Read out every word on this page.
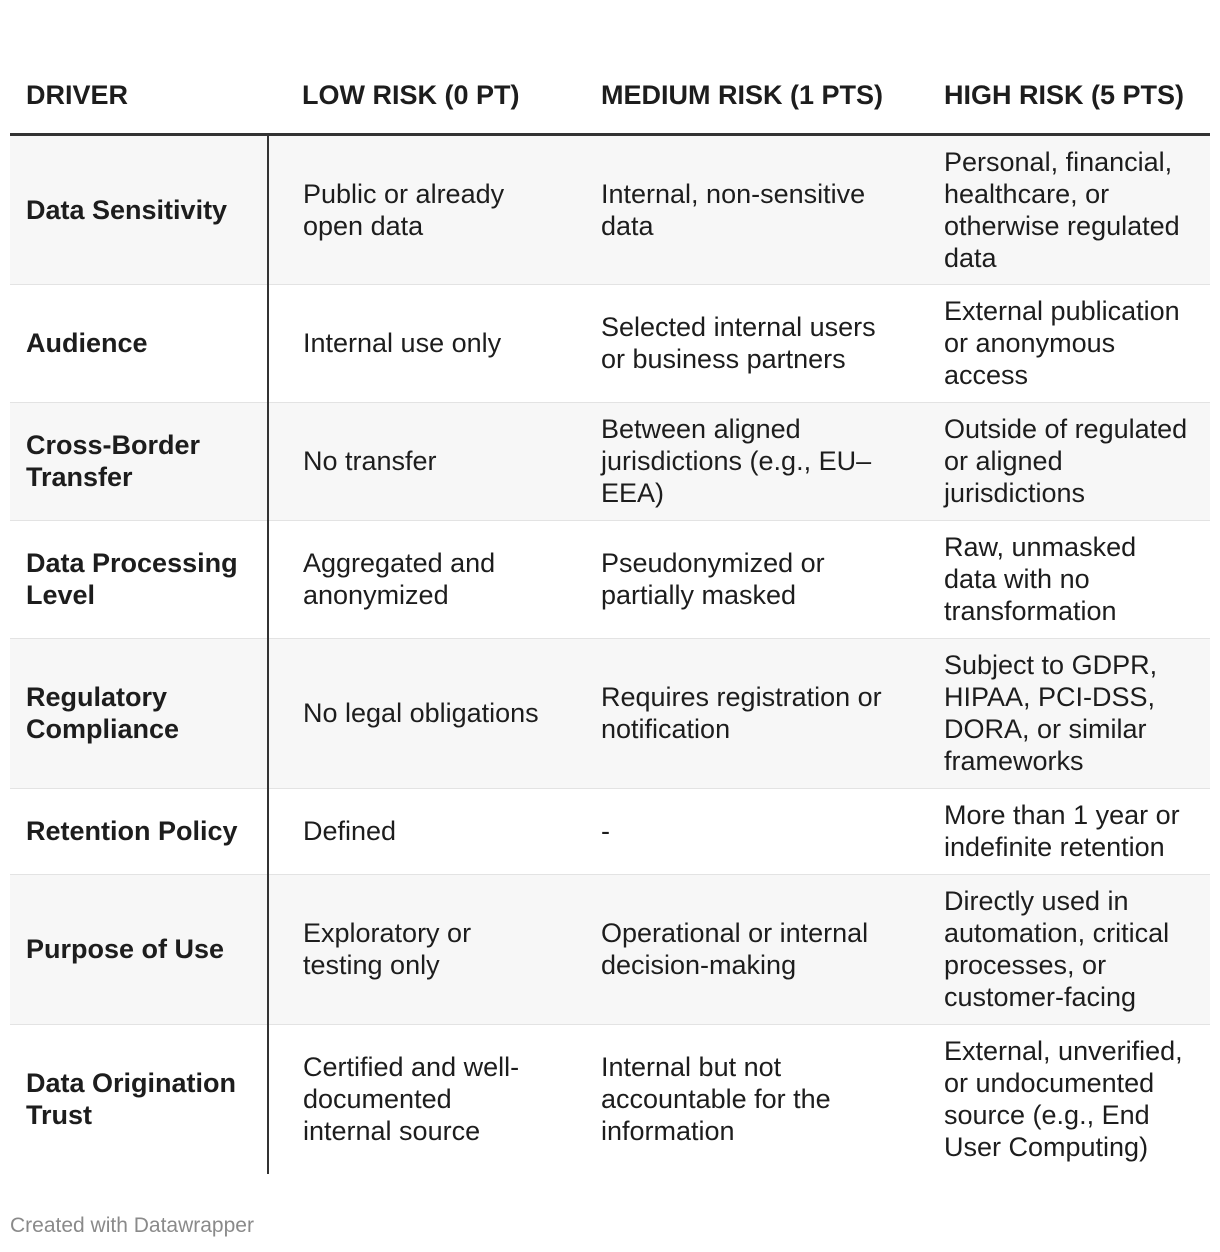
DRIVER	LOW RISK (0 PT)	MEDIUM RISK (1 PTS)	HIGH RISK (5 PTS)
Data Sensitivity	Public or already open data	Internal, non-sensitive data	Personal, financial, healthcare, or otherwise regulated data
Audience	Internal use only	Selected internal users or business partners	External publication or anonymous access
Cross-Border Transfer	No transfer	Between aligned jurisdictions (e.g., EU–EEA)	Outside of regulated or aligned jurisdictions
Data Processing Level	Aggregated and anonymized	Pseudonymized or partially masked	Raw, unmasked data with no transformation
Regulatory Compliance	No legal obligations	Requires registration or notification	Subject to GDPR, HIPAA, PCI-DSS, DORA, or similar frameworks
Retention Policy	Defined	-	More than 1 year or indefinite retention
Purpose of Use	Exploratory or testing only	Operational or internal decision-making	Directly used in automation, critical processes, or customer-facing
Data Origination Trust	Certified and well-documented internal source	Internal but not accountable for the information	External, unverified, or undocumented source (e.g., End User Computing)
Created with Datawrapper
